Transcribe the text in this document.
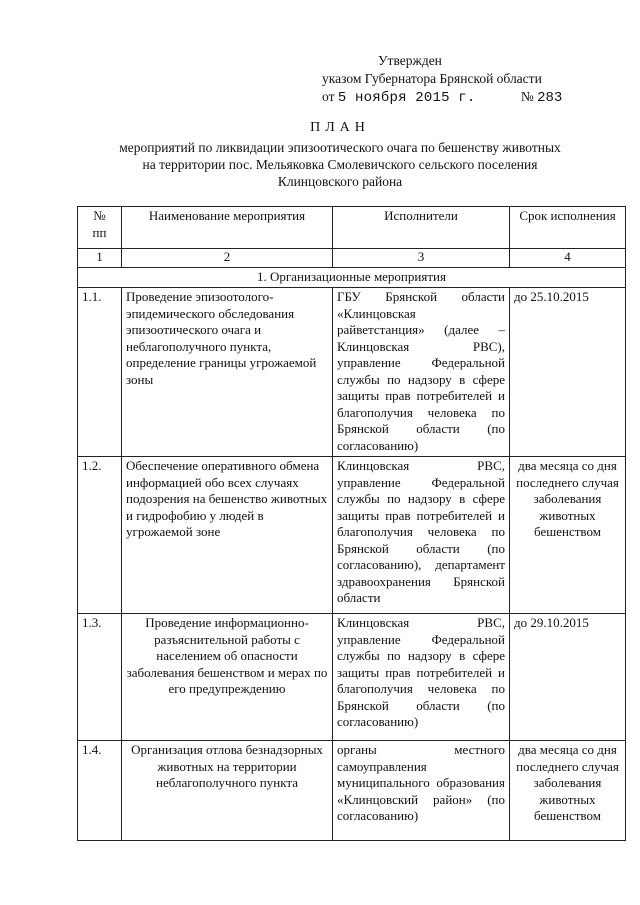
Утвержден
указом Губернатора Брянской области
от 5 ноября 2015 г.	№ 283
ПЛАН
мероприятий по ликвидации эпизоотического очага по бешенству животных
на территории пос. Мельяковка Смолевичского сельского поселения
Клинцовского района
№
пп	Наименование мероприятия	Исполнители	Срок исполнения
1	2	3	4
1. Организационные мероприятия			
1.1.	Проведение эпизоотолого-эпидемического обследования эпизоотического очага и неблагополучного пункта, определение границы угрожаемой зоны	ГБУ Брянской области «Клинцовская райветстанция» (далее – Клинцовская РВС), управление Федеральной службы по надзору в сфере защиты прав потребителей и благополучия человека по Брянской области (по согласованию)	до 25.10.2015
1.2.	Обеспечение оперативного обмена информацией обо всех случаях подозрения на бешенство животных и гидрофобию у людей в угрожаемой зоне	Клинцовская РВС, управление Федеральной службы по надзору в сфере защиты прав потребителей и благополучия человека по Брянской области (по согласованию), департамент здравоохранения Брянской области	два месяца со дня последнего случая заболевания животных бешенством
1.3.	Проведение информационно-разъяснительной работы с населением об опасности заболевания бешенством и мерах по его предупреждению	Клинцовская РВС, управление Федеральной службы по надзору в сфере защиты прав потребителей и благополучия человека по Брянской области (по согласованию)	до 29.10.2015
1.4.	Организация отлова безнадзорных животных на территории неблагополучного пункта	органы местного самоуправления муниципального образования «Клинцовский район» (по согласованию)	два месяца со дня последнего случая заболевания животных бешенством
